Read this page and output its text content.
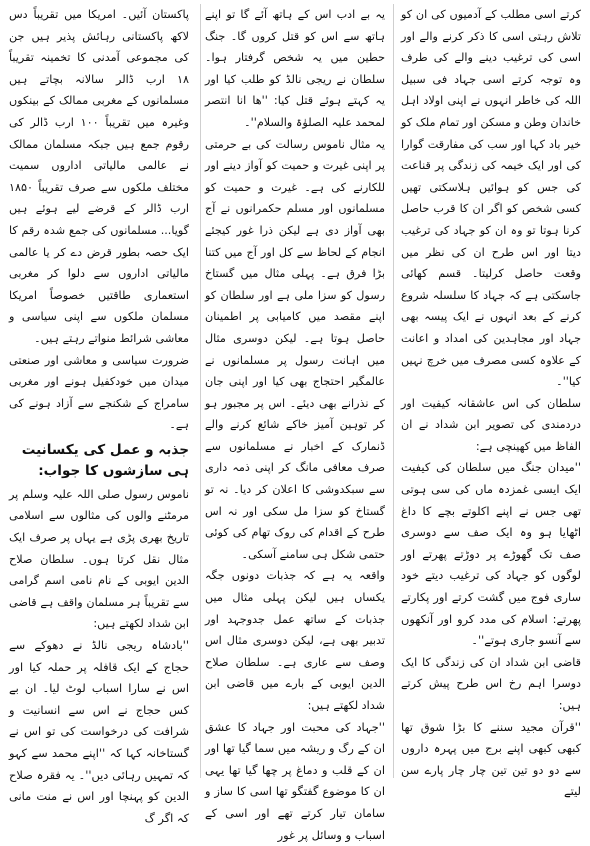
پاکستان آئیں۔ امریکا میں تقریباً دس لاکھ پاکستانی رہائش پذیر ہیں جن کی مجموعی آمدنی کا تخمینہ تقریباً ۱۸ ارب ڈالر سالانہ بچاتے ہیں مسلمانوں کے مغربی ممالک کے بینکوں وغیرہ میں تقریباً ۱۰۰ ارب ڈالر کی رقوم جمع ہیں جبکہ مسلمان ممالک نے عالمی مالیاتی اداروں سمیت مختلف ملکوں سے صرف تقریباً ۱۸۵۰ ارب ڈالر کے قرضے لیے ہوئے ہیں گویا... مسلمانوں کی جمع شدہ رقم کا ایک حصہ بطور قرض دے کر یا عالمی مالیاتی اداروں سے دلوا کر مغربی استعماری طاقتیں خصوصاً امریکا مسلمان ملکوں سے اپنی سیاسی و معاشی شرائط منواتے رہتے ہیں۔

ضرورت سیاسی و معاشی اور صنعتی میدان میں خودکفیل ہونے اور مغربی سامراج کے شکنجے سے آزاد ہونے کی ہے۔

جذبہ و عمل کی یکسانیت ہی سازشوں کا جواب:

ناموس رسول صلی اللہ علیہ وسلم پر مرمٹنے والوں کی مثالوں سے اسلامی تاریخ بھری پڑی ہے یہاں پر صرف ایک مثال نقل کرتا ہوں۔ سلطان صلاح الدین ایوبی کے نام نامی اسم گرامی سے تقریباً ہر مسلمان واقف ہے قاضی ابن شداد لکھتے ہیں:

''بادشاہ ریجی نالڈ نے دھوکے سے حجاج کے ایک قافلہ پر حملہ کیا اور اس نے سارا اسباب لوٹ لیا۔ ان بے کس حجاج نے اس سے انسانیت و شرافت کی درخواست کی تو اس نے گستاخانہ کہا کہ ''اپنے محمد سے کہو کہ تمہیں رہائی دیں''۔ یہ فقرہ صلاح الدین کو پہنچا اور اس نے منت مانی کہ اگر گ

یہ بے ادب اس کے ہاتھ آئے گا تو اپنے ہاتھ سے اس کو قتل کروں گا۔ جنگ حطین میں یہ شخص گرفتار ہوا۔ سلطان نے ریجی نالڈ کو طلب کیا اور یہ کہتے ہوئے قتل کیا: ''ھا انا انتصر لمحمد علیہ الصلوٰۃ والسلام''۔

یہ مثال ناموس رسالت کی بے حرمتی پر اپنی غیرت و حمیت کو آواز دینے اور للکارنے کی ہے۔ غیرت و حمیت کو مسلمانوں اور مسلم حکمرانوں نے آج بھی آواز دی ہے لیکن ذرا غور کیجئے انجام کے لحاظ سے کل اور آج میں کتنا بڑا فرق ہے۔ پہلی مثال میں گستاخ رسول کو سزا ملی ہے اور سلطان کو اپنے مقصد میں کامیابی پر اطمینان حاصل ہوتا ہے۔ لیکن دوسری مثال میں اہانت رسول پر مسلمانوں نے عالمگیر احتجاج بھی کیا اور اپنی جان کے نذرانے بھی دیئے۔ اس پر مجبور ہو کر توہین آمیز خاکے شائع کرنے والے ڈنمارک کے اخبار نے مسلمانوں سے صرف معافی مانگ کر اپنی ذمہ داری سے سبکدوشی کا اعلان کر دیا۔ نہ تو گستاخ کو سزا مل سکی اور نہ اس طرح کے اقدام کی روک تھام کی کوئی حتمی شکل ہی سامنے آسکی۔

واقعہ یہ ہے کہ جذبات دونوں جگہ یکساں ہیں لیکن پہلی مثال میں جذبات کے ساتھ عمل جدوجہد اور تدبیر بھی ہے، لیکن دوسری مثال اس وصف سے عاری ہے۔ سلطان صلاح الدین ایوبی کے بارے میں قاضی ابن شداد لکھتے ہیں:

''جہاد کی محبت اور جہاد کا عشق ان کے رگ و ریشہ میں سما گیا تھا اور ان کے قلب و دماغ پر چھا گیا تھا یہی ان کا موضوع گفتگو تھا اسی کا ساز و سامان تیار کرتے تھے اور اسی کے اسباب و وسائل پر غور

کرتے اسی مطلب کے آدمیوں کی ان کو تلاش رہتی اسی کا ذکر کرنے والے اور اسی کی ترغیب دینے والے کی طرف وہ توجہ کرتے اسی جہاد فی سبیل اللہ کی خاطر انہوں نے اپنی اولاد اہل خاندان وطن و مسکن اور تمام ملک کو خیر باد کہا اور سب کی مفارقت گوارا کی اور ایک خیمہ کی زندگی پر قناعت کی جس کو ہوائیں ہلاسکتی تھیں کسی شخص کو اگر ان کا قرب حاصل کرنا ہوتا تو وہ ان کو جہاد کی ترغیب دیتا اور اس طرح ان کی نظر میں وقعت حاصل کرلیتا۔ قسم کھائی جاسکتی ہے کہ جہاد کا سلسلہ شروع کرنے کے بعد انہوں نے ایک پیسہ بھی جہاد اور مجاہدین کی امداد و اعانت کے علاوہ کسی مصرف میں خرچ نہیں کیا''۔

سلطان کی اس عاشقانہ کیفیت اور دردمندی کی تصویر ابن شداد نے ان الفاظ میں کھینچی ہے:

''میدان جنگ میں سلطان کی کیفیت ایک ایسی غمزدہ ماں کی سی ہوتی تھی جس نے اپنے اکلوتے بچے کا داغ اٹھایا ہو وہ ایک صف سے دوسری صف تک گھوڑے پر دوڑتے پھرتے اور لوگوں کو جہاد کی ترغیب دیتے خود ساری فوج میں گشت کرتے اور پکارتے پھرتے: اسلام کی مدد کرو اور آنکھوں سے آنسو جاری ہوتے''۔

قاضی ابن شداد ان کی زندگی کا ایک دوسرا اہم رخ اس طرح پیش کرتے ہیں:

''قرآن مجید سننے کا بڑا شوق تھا کبھی کبھی اپنے برج میں پہرہ داروں سے دو دو تین تین چار چار پارے سن لیتے
